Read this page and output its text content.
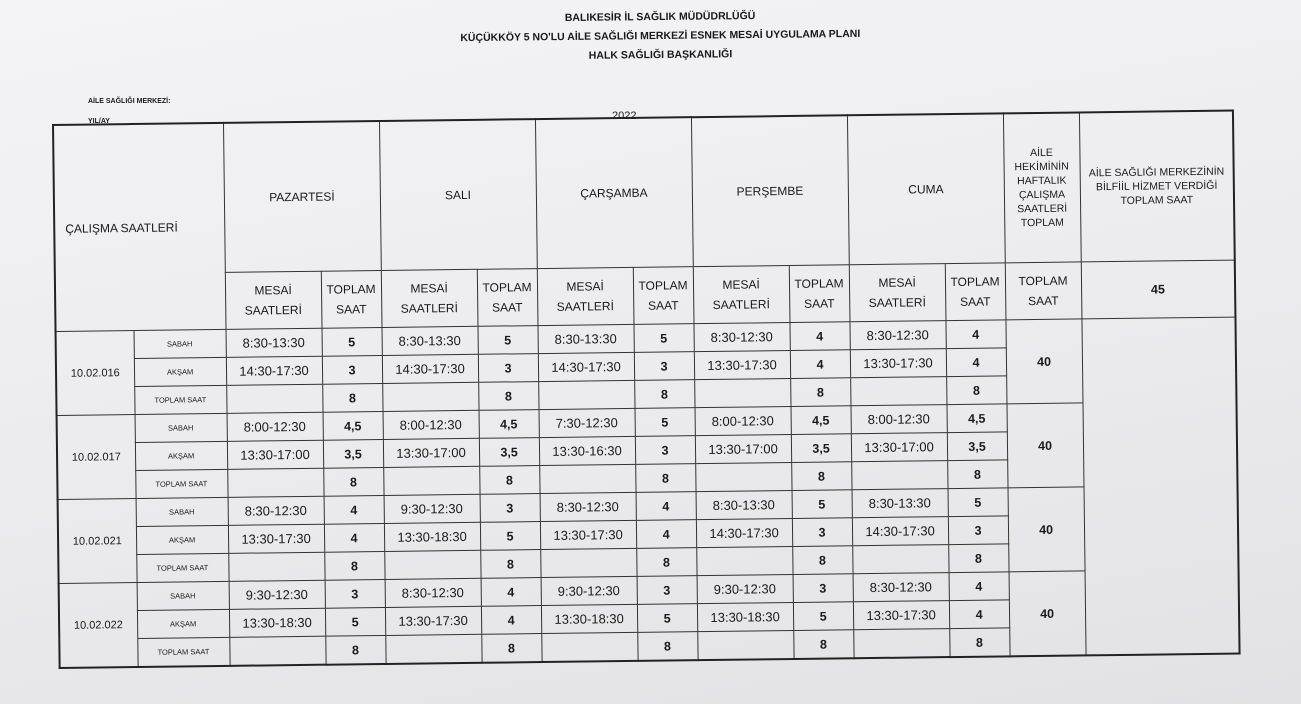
BALIKESİR İL SAĞLIK MÜDÜDRLÜĞÜ
KÜÇÜKKÖY 5 NO'LU AİLE SAĞLIĞI MERKEZİ ESNEK MESAİ UYGULAMA PLANI
HALK SAĞLIĞI BAŞKANLIĞI
AİLE SAĞLIĞI MERKEZİ:
YIL/AY	2022
ÇALIŞMA SAATLERİ		PAZARTESİ		SALI		ÇARŞAMBA		PERŞEMBE		CUMA		AİLE HEKİMİNİN HAFTALIK ÇALIŞMA SAATLERİ TOPLAM	AİLE SAĞLIĞI MERKEZİNİN BİLFİİL HİZMET VERDİĞİ TOPLAM SAAT
		MESAİ SAATLERİ	TOPLAM SAAT	MESAİ SAATLERİ	TOPLAM SAAT	MESAİ SAATLERİ	TOPLAM SAAT	MESAİ SAATLERİ	TOPLAM SAAT	MESAİ SAATLERİ	TOPLAM SAAT	TOPLAM SAAT	45
10.02.016	SABAH	8:30-13:30	5	8:30-13:30	5	8:30-13:30	5	8:30-12:30	4	8:30-12:30	4	40	
	AKŞAM	14:30-17:30	3	14:30-17:30	3	14:30-17:30	3	13:30-17:30	4	13:30-17:30	4		
	TOPLAM SAAT		8		8		8		8		8		
10.02.017	SABAH	8:00-12:30	4,5	8:00-12:30	4,5	7:30-12:30	5	8:00-12:30	4,5	8:00-12:30	4,5	40	
	AKŞAM	13:30-17:00	3,5	13:30-17:00	3,5	13:30-16:30	3	13:30-17:00	3,5	13:30-17:00	3,5		
	TOPLAM SAAT		8		8		8		8		8		
10.02.021	SABAH	8:30-12:30	4	9:30-12:30	3	8:30-12:30	4	8:30-13:30	5	8:30-13:30	5	40	
	AKŞAM	13:30-17:30	4	13:30-18:30	5	13:30-17:30	4	14:30-17:30	3	14:30-17:30	3		
	TOPLAM SAAT		8		8		8		8		8		
10.02.022	SABAH	9:30-12:30	3	8:30-12:30	4	9:30-12:30	3	9:30-12:30	3	8:30-12:30	4	40	
	AKŞAM	13:30-18:30	5	13:30-17:30	4	13:30-18:30	5	13:30-18:30	5	13:30-17:30	4		
	TOPLAM SAAT		8		8		8		8		8		
